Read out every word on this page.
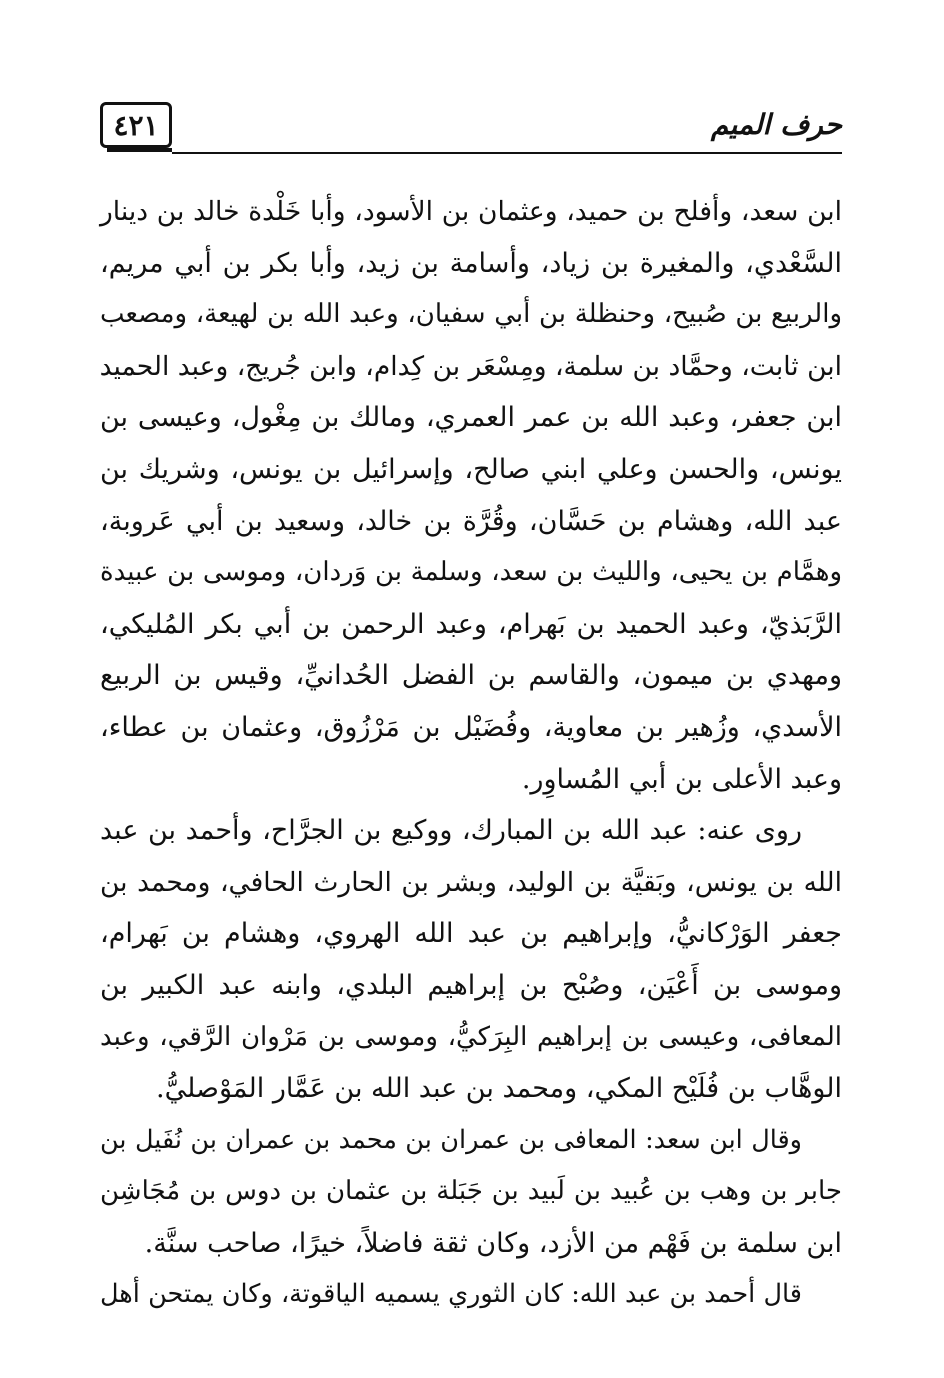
٤٢١	حرف الميم
ابن سعد، وأفلح بن حميد، وعثمان بن الأسود، وأبا خَلْدة خالد بن دينار
السَّعْدي، والمغيرة بن زياد، وأسامة بن زيد، وأبا بكر بن أبي مريم،
والربيع بن صُبيح، وحنظلة بن أبي سفيان، وعبد الله بن لهيعة، ومصعب
ابن ثابت، وحمَّاد بن سلمة، ومِسْعَر بن كِدام، وابن جُريج، وعبد الحميد
ابن جعفر، وعبد الله بن عمر العمري، ومالك بن مِغْول، وعيسى بن
يونس، والحسن وعلي ابني صالح، وإسرائيل بن يونس، وشريك بن
عبد الله، وهشام بن حَسَّان، وقُرَّة بن خالد، وسعيد بن أبي عَروبة،
وهمَّام بن يحيى، والليث بن سعد، وسلمة بن وَردان، وموسى بن عبيدة
الرَّبَذيّ، وعبد الحميد بن بَهرام، وعبد الرحمن بن أبي بكر المُليكي،
ومهدي بن ميمون، والقاسم بن الفضل الحُدانيِّ، وقيس بن الربيع
الأسدي، وزُهير بن معاوية، وفُضَيْل بن مَرْزُوق، وعثمان بن عطاء،
وعبد الأعلى بن أبي المُساوِر.
روى عنه: عبد الله بن المبارك، ووكيع بن الجرَّاح، وأحمد بن عبد
الله بن يونس، وبَقيَّة بن الوليد، وبشر بن الحارث الحافي، ومحمد بن
جعفر الوَرْكانيُّ، وإبراهيم بن عبد الله الهروي، وهشام بن بَهرام،
وموسى بن أَعْيَن، وصُبْح بن إبراهيم البلدي، وابنه عبد الكبير بن
المعافى، وعيسى بن إبراهيم البِرَكيُّ، وموسى بن مَرْوان الرَّقي، وعبد
الوهَّاب بن فُلَيْح المكي، ومحمد بن عبد الله بن عَمَّار المَوْصليُّ.
وقال ابن سعد: المعافى بن عمران بن محمد بن عمران بن نُفَيل بن
جابر بن وهب بن عُبيد بن لَبيد بن جَبَلة بن عثمان بن دوس بن مُجَاشِن
ابن سلمة بن فَهْم من الأزد، وكان ثقة فاضلاً، خيرًا، صاحب سنَّة.
قال أحمد بن عبد الله: كان الثوري يسميه الياقوتة، وكان يمتحن أهل
